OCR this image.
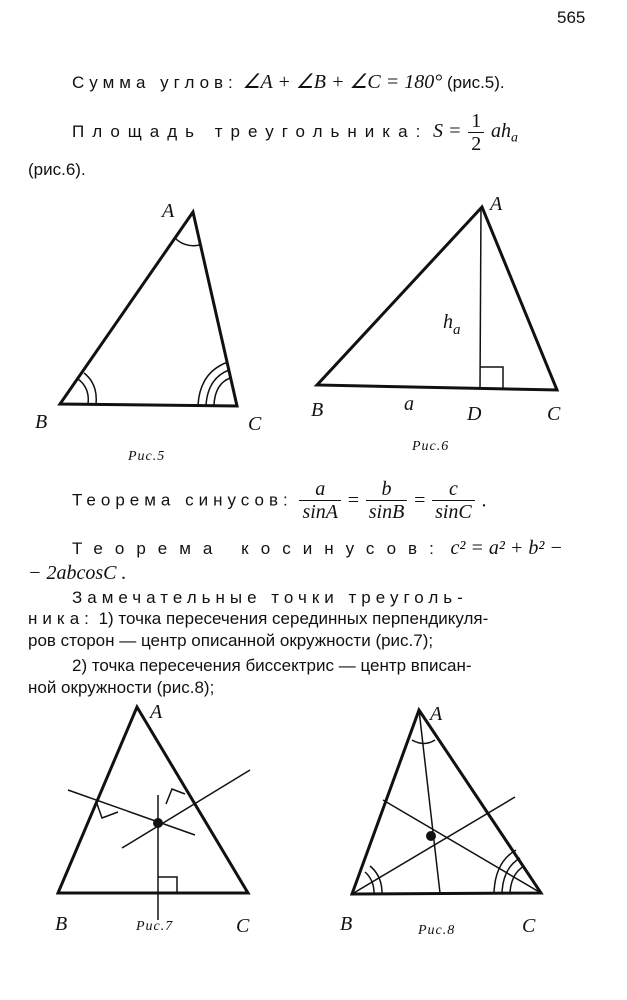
565
Сумма углов: ∠A + ∠B + ∠C = 180° (рис.5).
Площадь треугольника: $S = \frac{1}{2} ah_a$
(рис.6).
A
B	C
Рис.5
A
$h_a$
B	a	D	C
Рис.6
Теорема синусов: $\frac{a}{\sin A} = \frac{b}{\sin B} = \frac{c}{\sin C}$ .
Теорема косинусов: c² = a² + b² −
− 2abcosC .
Замечательные точки треуголь-
ника: 1) точка пересечения серединных перпендикуля-
ров сторон — центр описанной окружности (рис.7);
2) точка пересечения биссектрис — центр вписан-
ной окружности (рис.8);
A
B	C
Рис.7
A
B	C
Рис.8
